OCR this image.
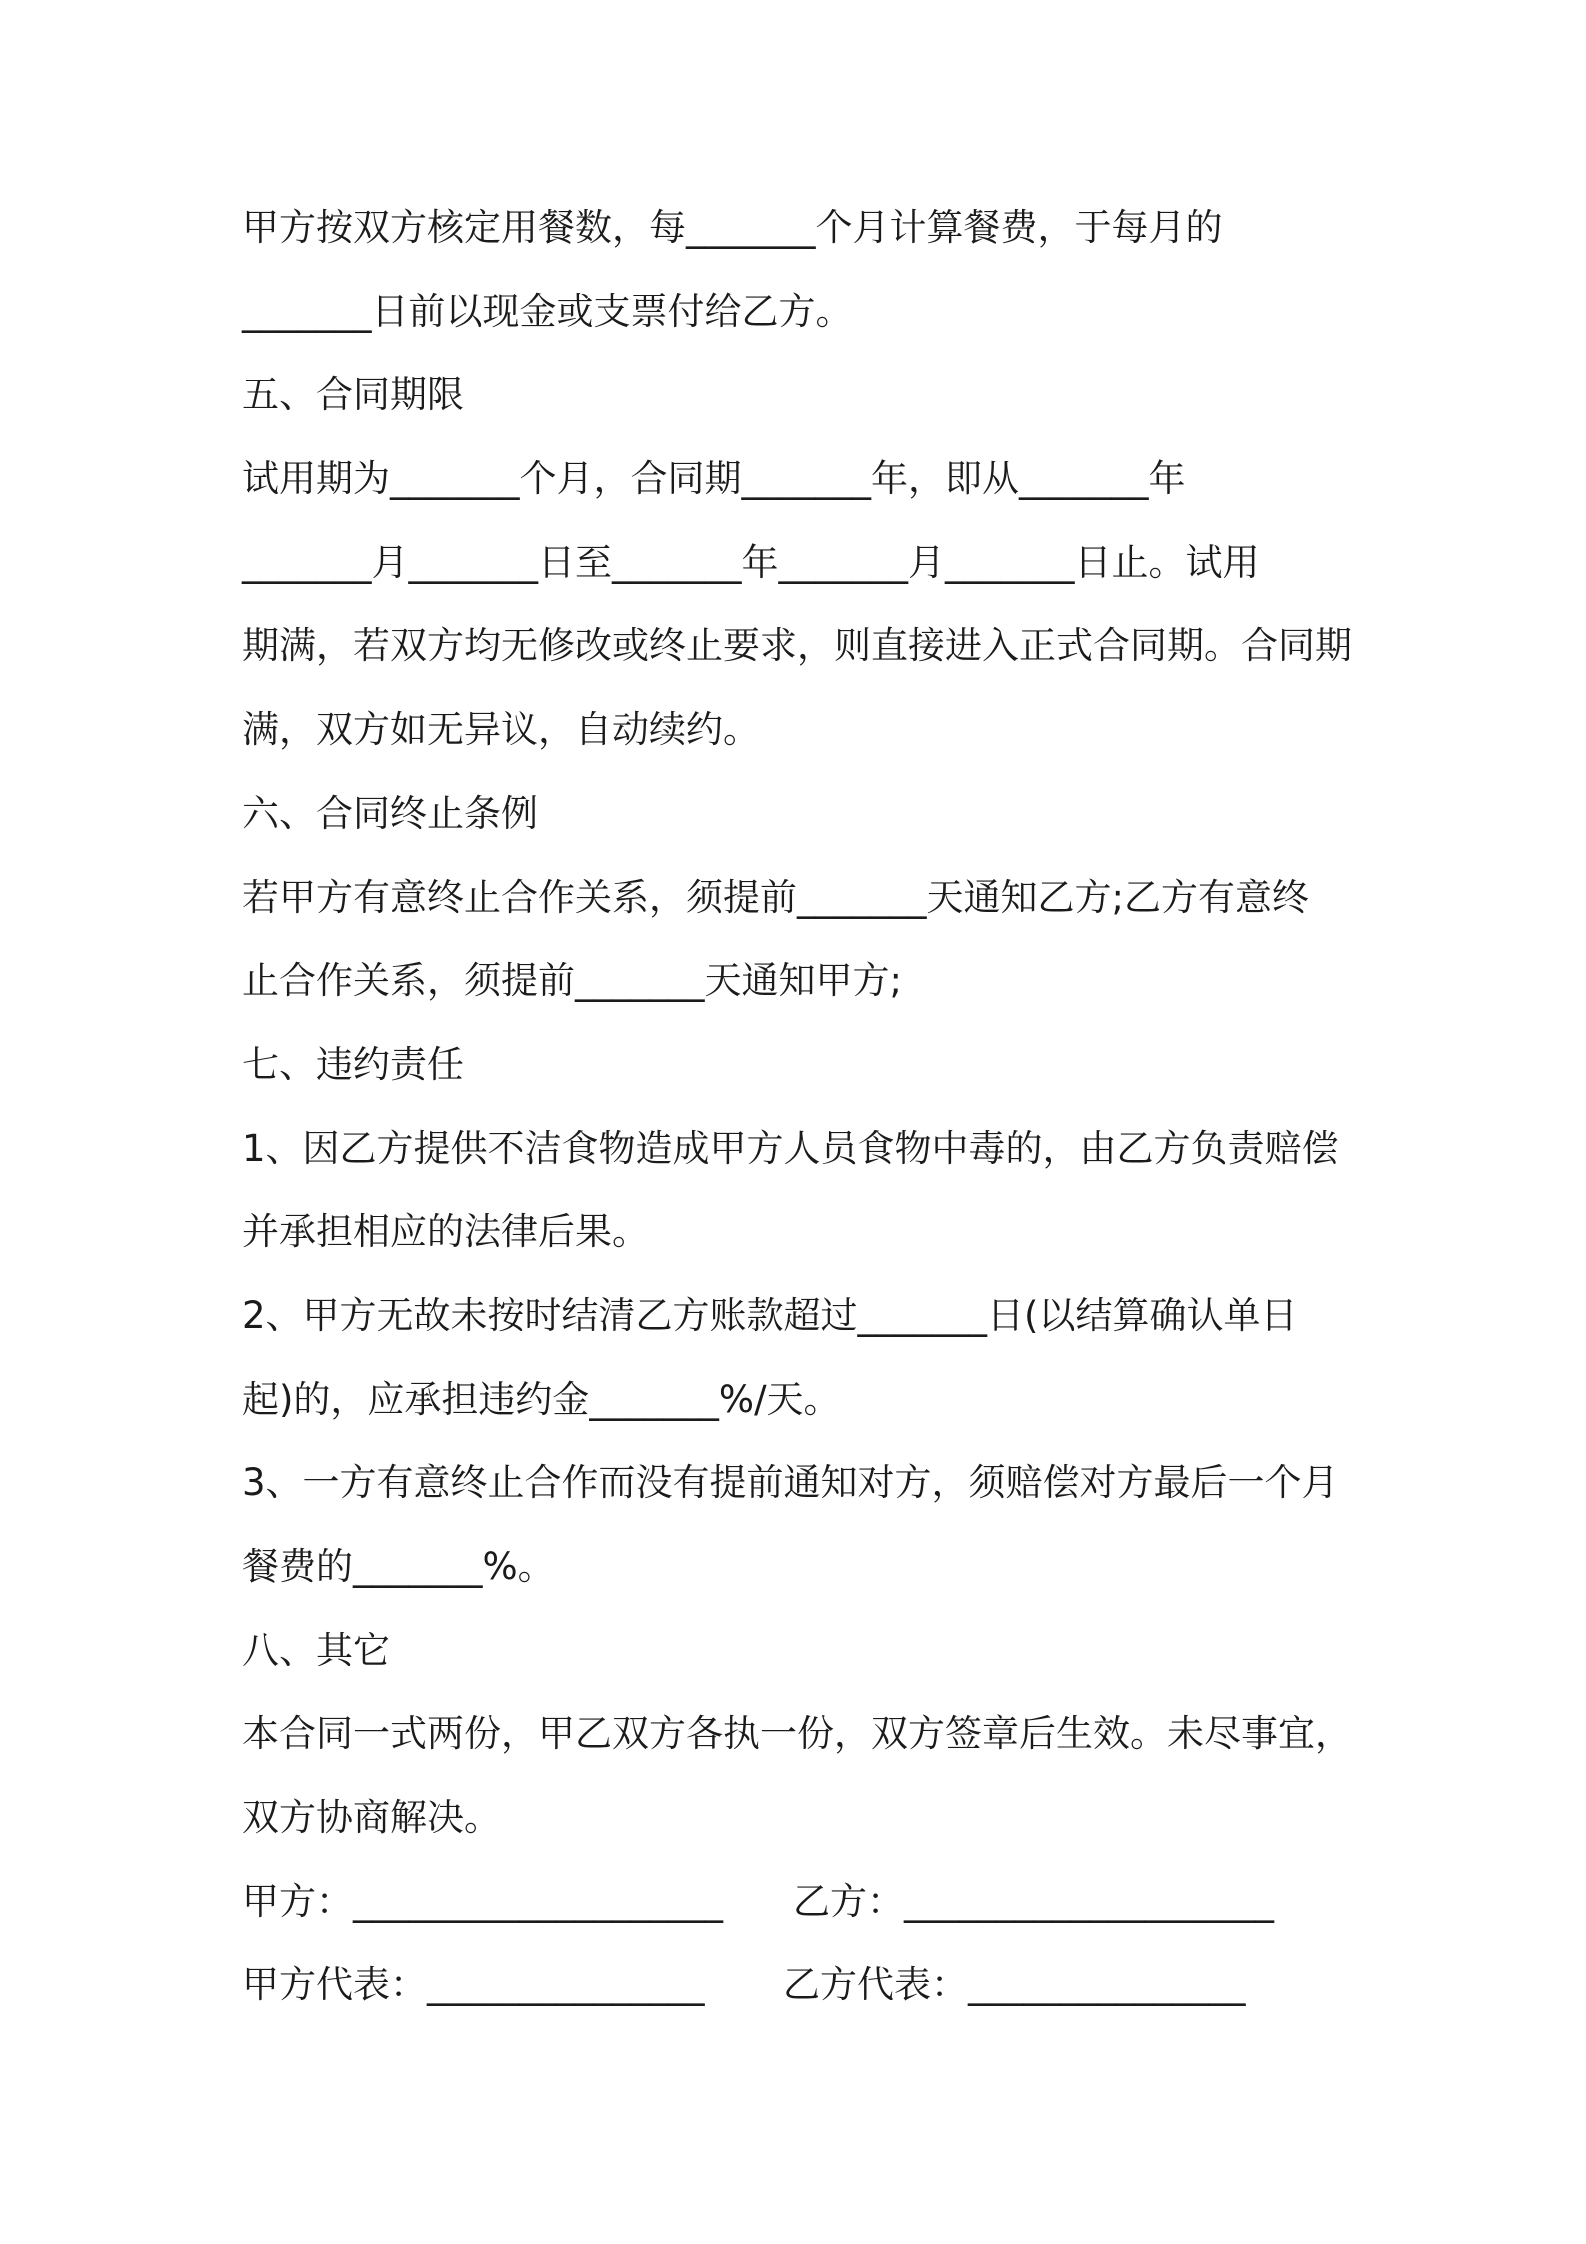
甲方按双方核定用餐数，每_______个月计算餐费，于每月的
_______日前以现金或支票付给乙方。
五、合同期限
试用期为_______个月，合同期_______年，即从_______年
_______月_______日至_______年_______月_______日止。试用
期满，若双方均无修改或终止要求，则直接进入正式合同期。合同期
满，双方如无异议，自动续约。
六、合同终止条例
若甲方有意终止合作关系，须提前_______天通知乙方;乙方有意终
止合作关系，须提前_______天通知甲方;
七、违约责任
1、因乙方提供不洁食物造成甲方人员食物中毒的，由乙方负责赔偿
并承担相应的法律后果。
2、甲方无故未按时结清乙方账款超过_______日(以结算确认单日
起)的，应承担违约金_______%/天。
3、一方有意终止合作而没有提前通知对方，须赔偿对方最后一个月
餐费的_______%。
八、其它
本合同一式两份，甲乙双方各执一份，双方签章后生效。未尽事宜，
双方协商解决。
甲方：____________________ 乙方：____________________
甲方代表：_______________ 乙方代表：_______________
